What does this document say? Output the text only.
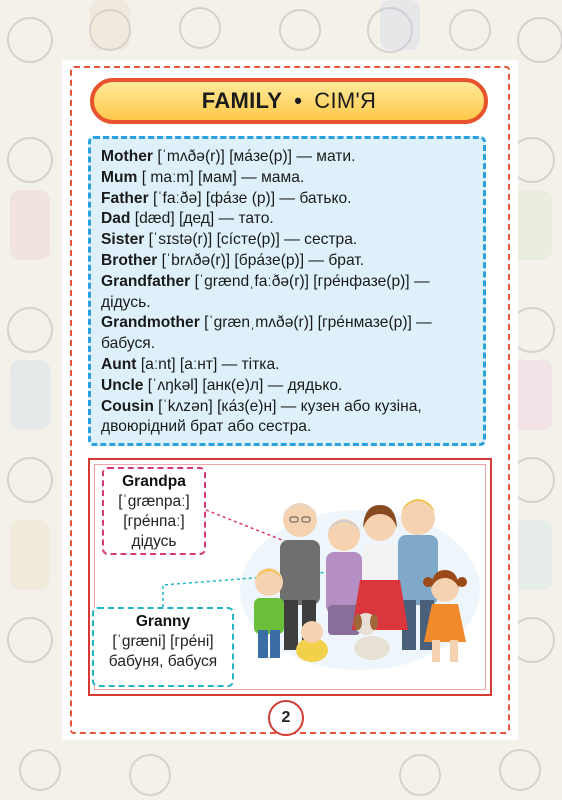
FAMILY • СІМ'Я
Mother [ˈmʌðə(r)] [ма́зе(р)] — мати.
Mum [ maːm] [мам] — мама.
Father [ˈfaːðə] [фа́зе (р)] — батько.
Dad [dæd] [дед] — тато.
Sister [ˈsɪstə(r)] [сíсте(р)] — сестра.
Brother [ˈbrʌðə(r)] [бра́зе(р)] — брат.
Grandfather [ˈɡrændˌfaːðə(r)] [гре́нфазе(р)] — дідусь.
Grandmother [ˈɡrænˌmʌðə(r)] [гре́нмазе(р)] — бабуся.
Aunt [aːnt] [аːнт] — тітка.
Uncle [ˈʌŋkəl] [анк(е)л] — дядько.
Cousin [ˈkʌzən] [ка́з(е)н] — кузен або кузіна, двоюрідний брат або сестра.
Grandpa
[ˈɡrænpaː]
[гре́нпаː]
дідусь
Granny
[ˈɡræni] [гре́ні]
бабуня, бабуся
2
